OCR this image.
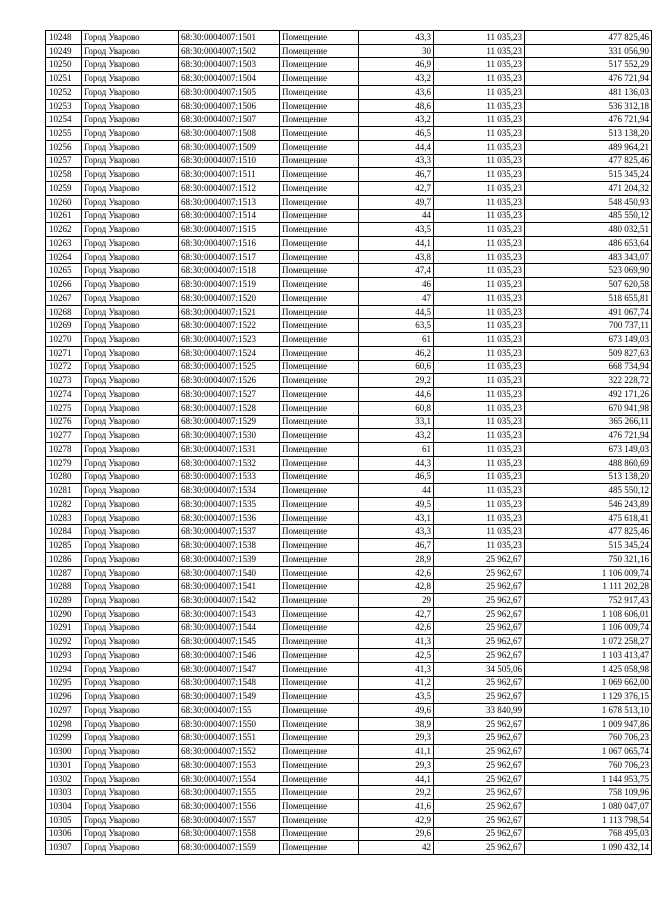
10248	Город Уварово	68:30:0004007:1501	Помещение	43,3	11 035,23	477 825,46
10249	Город Уварово	68:30:0004007:1502	Помещение	30	11 035,23	331 056,90
10250	Город Уварово	68:30:0004007:1503	Помещение	46,9	11 035,23	517 552,29
10251	Город Уварово	68:30:0004007:1504	Помещение	43,2	11 035,23	476 721,94
10252	Город Уварово	68:30:0004007:1505	Помещение	43,6	11 035,23	481 136,03
10253	Город Уварово	68:30:0004007:1506	Помещение	48,6	11 035,23	536 312,18
10254	Город Уварово	68:30:0004007:1507	Помещение	43,2	11 035,23	476 721,94
10255	Город Уварово	68:30:0004007:1508	Помещение	46,5	11 035,23	513 138,20
10256	Город Уварово	68:30:0004007:1509	Помещение	44,4	11 035,23	489 964,21
10257	Город Уварово	68:30:0004007:1510	Помещение	43,3	11 035,23	477 825,46
10258	Город Уварово	68:30:0004007:1511	Помещение	46,7	11 035,23	515 345,24
10259	Город Уварово	68:30:0004007:1512	Помещение	42,7	11 035,23	471 204,32
10260	Город Уварово	68:30:0004007:1513	Помещение	49,7	11 035,23	548 450,93
10261	Город Уварово	68:30:0004007:1514	Помещение	44	11 035,23	485 550,12
10262	Город Уварово	68:30:0004007:1515	Помещение	43,5	11 035,23	480 032,51
10263	Город Уварово	68:30:0004007:1516	Помещение	44,1	11 035,23	486 653,64
10264	Город Уварово	68:30:0004007:1517	Помещение	43,8	11 035,23	483 343,07
10265	Город Уварово	68:30:0004007:1518	Помещение	47,4	11 035,23	523 069,90
10266	Город Уварово	68:30:0004007:1519	Помещение	46	11 035,23	507 620,58
10267	Город Уварово	68:30:0004007:1520	Помещение	47	11 035,23	518 655,81
10268	Город Уварово	68:30:0004007:1521	Помещение	44,5	11 035,23	491 067,74
10269	Город Уварово	68:30:0004007:1522	Помещение	63,5	11 035,23	700 737,11
10270	Город Уварово	68:30:0004007:1523	Помещение	61	11 035,23	673 149,03
10271	Город Уварово	68:30:0004007:1524	Помещение	46,2	11 035,23	509 827,63
10272	Город Уварово	68:30:0004007:1525	Помещение	60,6	11 035,23	668 734,94
10273	Город Уварово	68:30:0004007:1526	Помещение	29,2	11 035,23	322 228,72
10274	Город Уварово	68:30:0004007:1527	Помещение	44,6	11 035,23	492 171,26
10275	Город Уварово	68:30:0004007:1528	Помещение	60,8	11 035,23	670 941,98
10276	Город Уварово	68:30:0004007:1529	Помещение	33,1	11 035,23	365 266,11
10277	Город Уварово	68:30:0004007:1530	Помещение	43,2	11 035,23	476 721,94
10278	Город Уварово	68:30:0004007:1531	Помещение	61	11 035,23	673 149,03
10279	Город Уварово	68:30:0004007:1532	Помещение	44,3	11 035,23	488 860,69
10280	Город Уварово	68:30:0004007:1533	Помещение	46,5	11 035,23	513 138,20
10281	Город Уварово	68:30:0004007:1534	Помещение	44	11 035,23	485 550,12
10282	Город Уварово	68:30:0004007:1535	Помещение	49,5	11 035,23	546 243,89
10283	Город Уварово	68:30:0004007:1536	Помещение	43,1	11 035,23	475 618,41
10284	Город Уварово	68:30:0004007:1537	Помещение	43,3	11 035,23	477 825,46
10285	Город Уварово	68:30:0004007:1538	Помещение	46,7	11 035,23	515 345,24
10286	Город Уварово	68:30:0004007:1539	Помещение	28,9	25 962,67	750 321,16
10287	Город Уварово	68:30:0004007:1540	Помещение	42,6	25 962,67	1 106 009,74
10288	Город Уварово	68:30:0004007:1541	Помещение	42,8	25 962,67	1 111 202,28
10289	Город Уварово	68:30:0004007:1542	Помещение	29	25 962,67	752 917,43
10290	Город Уварово	68:30:0004007:1543	Помещение	42,7	25 962,67	1 108 606,01
10291	Город Уварово	68:30:0004007:1544	Помещение	42,6	25 962,67	1 106 009,74
10292	Город Уварово	68:30:0004007:1545	Помещение	41,3	25 962,67	1 072 258,27
10293	Город Уварово	68:30:0004007:1546	Помещение	42,5	25 962,67	1 103 413,47
10294	Город Уварово	68:30:0004007:1547	Помещение	41,3	34 505,06	1 425 058,98
10295	Город Уварово	68:30:0004007:1548	Помещение	41,2	25 962,67	1 069 662,00
10296	Город Уварово	68:30:0004007:1549	Помещение	43,5	25 962,67	1 129 376,15
10297	Город Уварово	68:30:0004007:155	Помещение	49,6	33 840,99	1 678 513,10
10298	Город Уварово	68:30:0004007:1550	Помещение	38,9	25 962,67	1 009 947,86
10299	Город Уварово	68:30:0004007:1551	Помещение	29,3	25 962,67	760 706,23
10300	Город Уварово	68:30:0004007:1552	Помещение	41,1	25 962,67	1 067 065,74
10301	Город Уварово	68:30:0004007:1553	Помещение	29,3	25 962,67	760 706,23
10302	Город Уварово	68:30:0004007:1554	Помещение	44,1	25 962,67	1 144 953,75
10303	Город Уварово	68:30:0004007:1555	Помещение	29,2	25 962,67	758 109,96
10304	Город Уварово	68:30:0004007:1556	Помещение	41,6	25 962,67	1 080 047,07
10305	Город Уварово	68:30:0004007:1557	Помещение	42,9	25 962,67	1 113 798,54
10306	Город Уварово	68:30:0004007:1558	Помещение	29,6	25 962,67	768 495,03
10307	Город Уварово	68:30:0004007:1559	Помещение	42	25 962,67	1 090 432,14
